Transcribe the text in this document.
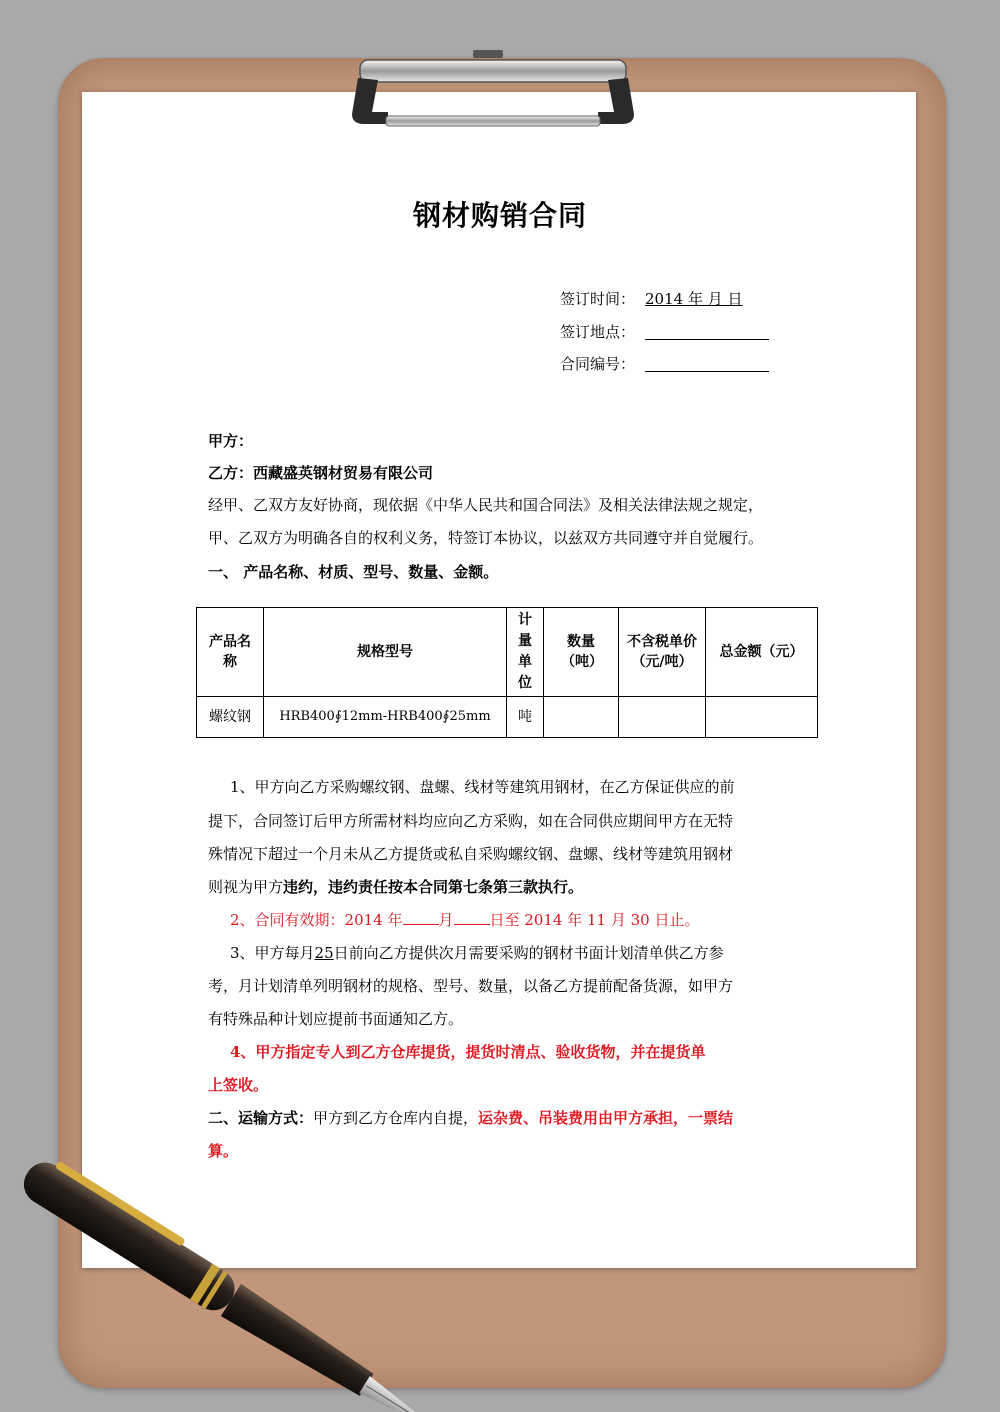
钢材购销合同
签订时间： 2014 年 月 日
签订地点：
合同编号：
甲方：
乙方：西藏盛英钢材贸易有限公司
经甲、乙双方友好协商，现依据《中华人民共和国合同法》及相关法律法规之规定，
甲、乙双方为明确各自的权利义务，特签订本协议，以兹双方共同遵守并自觉履行。
一、 产品名称、材质、型号、数量、金额。
产品名称	规格型号	计量单位	数量（吨）	不含税单价（元/吨）	总金额（元）
螺纹钢	HRB400∮12mm-HRB400∮25mm	吨			
1、甲方向乙方采购螺纹钢、盘螺、线材等建筑用钢材，在乙方保证供应的前
提下，合同签订后甲方所需材料均应向乙方采购，如在合同供应期间甲方在无特
殊情况下超过一个月未从乙方提货或私自采购螺纹钢、盘螺、线材等建筑用钢材
则视为甲方违约，违约责任按本合同第七条第三款执行。
2、合同有效期：2014 年 月 日至 2014 年 11 月 30 日止。
3、甲方每月25日前向乙方提供次月需要采购的钢材书面计划清单供乙方参
考，月计划清单列明钢材的规格、型号、数量，以备乙方提前配备货源，如甲方
有特殊品种计划应提前书面通知乙方。
4、甲方指定专人到乙方仓库提货，提货时清点、验收货物，并在提货单
上签收。
二、运输方式：甲方到乙方仓库内自提，运杂费、吊装费用由甲方承担，一票结
算。
